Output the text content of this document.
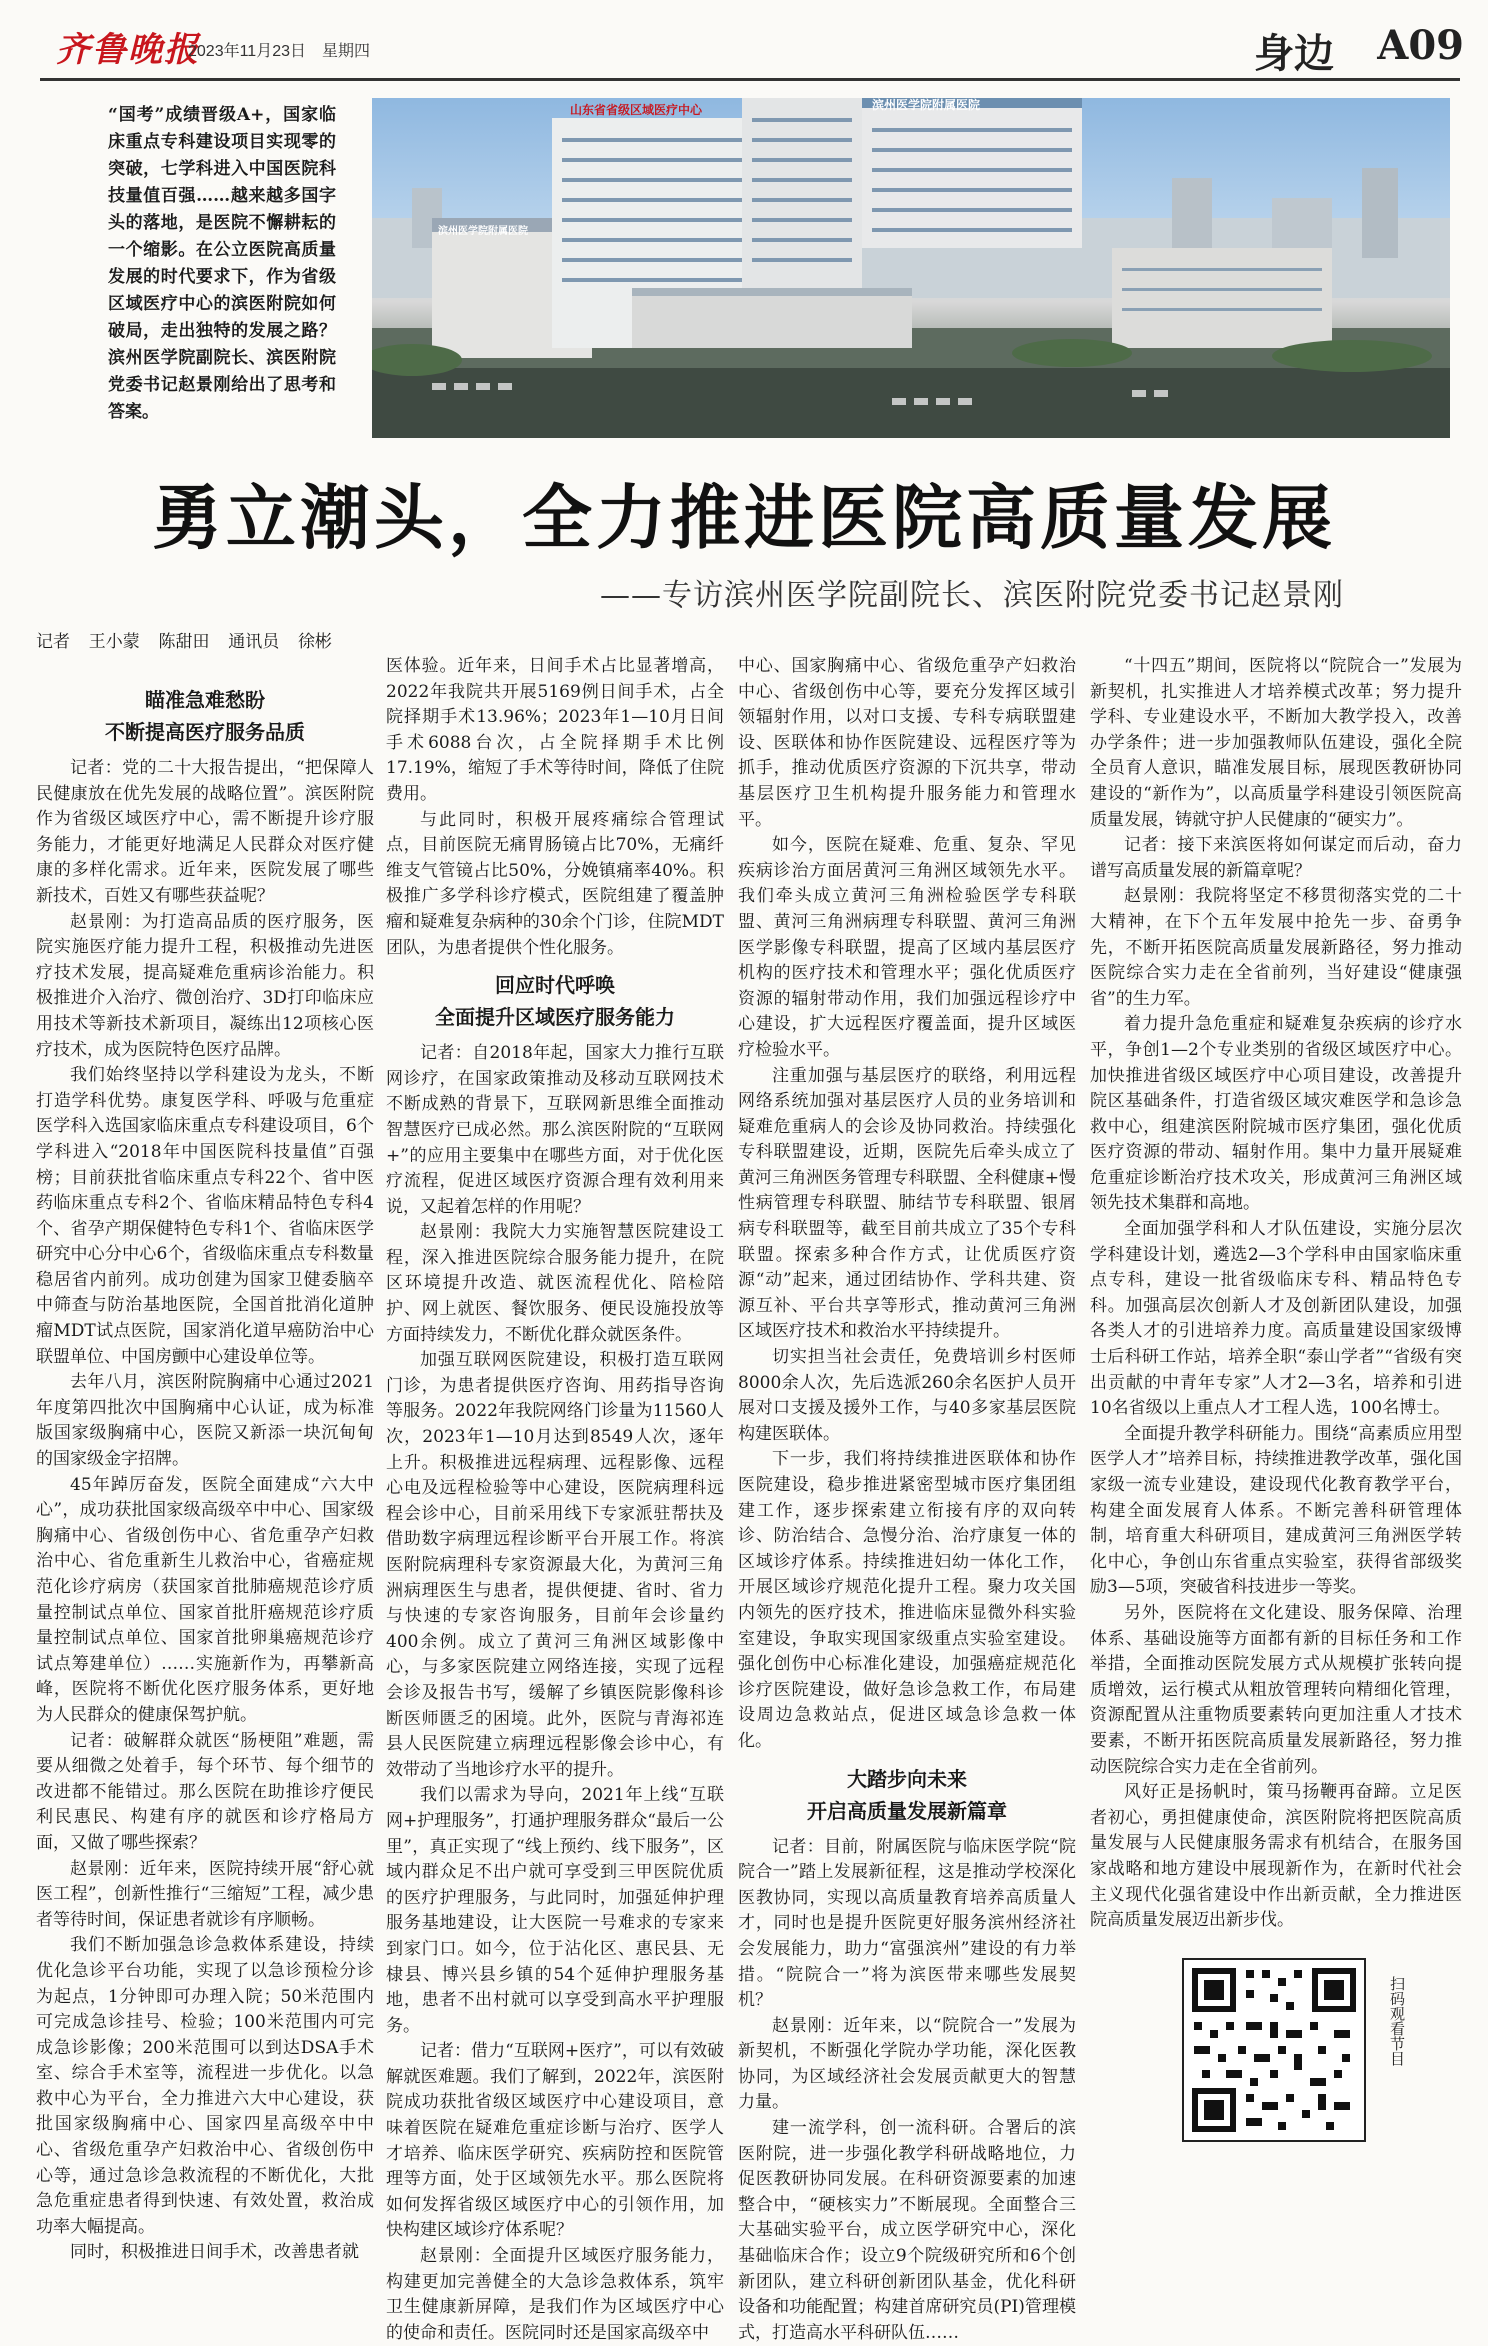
齐鲁晚报
2023年11月23日　星期四	身边 A09
“国考”成绩晋级A+，国家临床重点专科建设项目实现零的突破，七学科进入中国医院科技量值百强……越来越多国字头的落地，是医院不懈耕耘的一个缩影。在公立医院高质量发展的时代要求下，作为省级区域医疗中心的滨医附院如何破局，走出独特的发展之路？滨州医学院副院长、滨医附院党委书记赵景刚给出了思考和答案。
山东省省级区域医疗中心	滨州医学院附属医院
滨州医学院附属医院
勇立潮头，全力推进医院高质量发展
——专访滨州医学院副院长、滨医附院党委书记赵景刚
记者 王小蒙 陈甜田 通讯员 徐彬
瞄准急难愁盼
不断提高医疗服务品质

记者：党的二十大报告提出，“把保障人民健康放在优先发展的战略位置”。滨医附院作为省级区域医疗中心，需不断提升诊疗服务能力，才能更好地满足人民群众对医疗健康的多样化需求。近年来，医院发展了哪些新技术，百姓又有哪些获益呢？

赵景刚：为打造高品质的医疗服务，医院实施医疗能力提升工程，积极推动先进医疗技术发展，提高疑难危重病诊治能力。积极推进介入治疗、微创治疗、3D打印临床应用技术等新技术新项目，凝练出12项核心医疗技术，成为医院特色医疗品牌。

我们始终坚持以学科建设为龙头，不断打造学科优势。康复医学科、呼吸与危重症医学科入选国家临床重点专科建设项目，6个学科进入“2018年中国医院科技量值”百强榜；目前获批省临床重点专科22个、省中医药临床重点专科2个、省临床精品特色专科4个、省孕产期保健特色专科1个、省临床医学研究中心分中心6个，省级临床重点专科数量稳居省内前列。成功创建为国家卫健委脑卒中筛查与防治基地医院，全国首批消化道肿瘤MDT试点医院，国家消化道早癌防治中心联盟单位、中国房颤中心建设单位等。

去年八月，滨医附院胸痛中心通过2021年度第四批次中国胸痛中心认证，成为标准版国家级胸痛中心，医院又新添一块沉甸甸的国家级金字招牌。

45年踔厉奋发，医院全面建成“六大中心”，成功获批国家级高级卒中中心、国家级胸痛中心、省级创伤中心、省危重孕产妇救治中心、省危重新生儿救治中心，省癌症规范化诊疗病房（获国家首批肺癌规范诊疗质量控制试点单位、国家首批肝癌规范诊疗质量控制试点单位、国家首批卵巢癌规范诊疗试点筹建单位）……实施新作为，再攀新高峰，医院将不断优化医疗服务体系，更好地为人民群众的健康保驾护航。

记者：破解群众就医“肠梗阻”难题，需要从细微之处着手，每个环节、每个细节的改进都不能错过。那么医院在助推诊疗便民利民惠民、构建有序的就医和诊疗格局方面，又做了哪些探索？

赵景刚：近年来，医院持续开展“舒心就医工程”，创新性推行“三缩短”工程，减少患者等待时间，保证患者就诊有序顺畅。

我们不断加强急诊急救体系建设，持续优化急诊平台功能，实现了以急诊预检分诊为起点，1分钟即可办理入院；50米范围内可完成急诊挂号、检验；100米范围内可完成急诊影像；200米范围可以到达DSA手术室、综合手术室等，流程进一步优化。以急救中心为平台，全力推进六大中心建设，获批国家级胸痛中心、国家四星高级卒中中心、省级危重孕产妇救治中心、省级创伤中心等，通过急诊急救流程的不断优化，大批急危重症患者得到快速、有效处置，救治成功率大幅提高。

同时，积极推进日间手术，改善患者就

医体验。近年来，日间手术占比显著增高，2022年我院共开展5169例日间手术，占全院择期手术13.96%；2023年1—10月日间手术6088台次，占全院择期手术比例17.19%，缩短了手术等待时间，降低了住院费用。

与此同时，积极开展疼痛综合管理试点，目前医院无痛胃肠镜占比70%，无痛纤维支气管镜占比50%，分娩镇痛率40%。积极推广多学科诊疗模式，医院组建了覆盖肿瘤和疑难复杂病种的30余个门诊，住院MDT团队，为患者提供个性化服务。

回应时代呼唤
全面提升区域医疗服务能力

记者：自2018年起，国家大力推行互联网诊疗，在国家政策推动及移动互联网技术不断成熟的背景下，互联网新思维全面推动智慧医疗已成必然。那么滨医附院的“互联网+”的应用主要集中在哪些方面，对于优化医疗流程，促进区域医疗资源合理有效利用来说，又起着怎样的作用呢？

赵景刚：我院大力实施智慧医院建设工程，深入推进医院综合服务能力提升，在院区环境提升改造、就医流程优化、陪检陪护、网上就医、餐饮服务、便民设施投放等方面持续发力，不断优化群众就医条件。

加强互联网医院建设，积极打造互联网门诊，为患者提供医疗咨询、用药指导咨询等服务。2022年我院网络门诊量为11560人次，2023年1—10月达到8549人次，逐年上升。积极推进远程病理、远程影像、远程心电及远程检验等中心建设，医院病理科远程会诊中心，目前采用线下专家派驻帮扶及借助数字病理远程诊断平台开展工作。将滨医附院病理科专家资源最大化，为黄河三角洲病理医生与患者，提供便捷、省时、省力与快速的专家咨询服务，目前年会诊量约400余例。成立了黄河三角洲区域影像中心，与多家医院建立网络连接，实现了远程会诊及报告书写，缓解了乡镇医院影像科诊断医师匮乏的困境。此外，医院与青海祁连县人民医院建立病理远程影像会诊中心，有效带动了当地诊疗水平的提升。

我们以需求为导向，2021年上线“互联网+护理服务”，打通护理服务群众“最后一公里”，真正实现了“线上预约、线下服务”，区域内群众足不出户就可享受到三甲医院优质的医疗护理服务，与此同时，加强延伸护理服务基地建设，让大医院一号难求的专家来到家门口。如今，位于沾化区、惠民县、无棣县、博兴县乡镇的54个延伸护理服务基地，患者不出村就可以享受到高水平护理服务。

记者：借力“互联网+医疗”，可以有效破解就医难题。我们了解到，2022年，滨医附院成功获批省级区域医疗中心建设项目，意味着医院在疑难危重症诊断与治疗、医学人才培养、临床医学研究、疾病防控和医院管理等方面，处于区域领先水平。那么医院将如何发挥省级区域医疗中心的引领作用，加快构建区域诊疗体系呢？

赵景刚：全面提升区域医疗服务能力，构建更加完善健全的大急诊急救体系，筑牢卫生健康新屏障，是我们作为区域医疗中心的使命和责任。医院同时还是国家高级卒中

中心、国家胸痛中心、省级危重孕产妇救治中心、省级创伤中心等，要充分发挥区域引领辐射作用，以对口支援、专科专病联盟建设、医联体和协作医院建设、远程医疗等为抓手，推动优质医疗资源的下沉共享，带动基层医疗卫生机构提升服务能力和管理水平。

如今，医院在疑难、危重、复杂、罕见疾病诊治方面居黄河三角洲区域领先水平。我们牵头成立黄河三角洲检验医学专科联盟、黄河三角洲病理专科联盟、黄河三角洲医学影像专科联盟，提高了区域内基层医疗机构的医疗技术和管理水平；强化优质医疗资源的辐射带动作用，我们加强远程诊疗中心建设，扩大远程医疗覆盖面，提升区域医疗检验水平。

注重加强与基层医疗的联络，利用远程网络系统加强对基层医疗人员的业务培训和疑难危重病人的会诊及协同救治。持续强化专科联盟建设，近期，医院先后牵头成立了黄河三角洲医务管理专科联盟、全科健康+慢性病管理专科联盟、肺结节专科联盟、银屑病专科联盟等，截至目前共成立了35个专科联盟。探索多种合作方式，让优质医疗资源“动”起来，通过团结协作、学科共建、资源互补、平台共享等形式，推动黄河三角洲区域医疗技术和救治水平持续提升。

切实担当社会责任，免费培训乡村医师8000余人次，先后选派260余名医护人员开展对口支援及援外工作，与40多家基层医院构建医联体。

下一步，我们将持续推进医联体和协作医院建设，稳步推进紧密型城市医疗集团组建工作，逐步探索建立衔接有序的双向转诊、防治结合、急慢分治、治疗康复一体的区域诊疗体系。持续推进妇幼一体化工作，开展区域诊疗规范化提升工程。聚力攻关国内领先的医疗技术，推进临床显微外科实验室建设，争取实现国家级重点实验室建设。强化创伤中心标准化建设，加强癌症规范化诊疗医院建设，做好急诊急救工作，布局建设周边急救站点，促进区域急诊急救一体化。

大踏步向未来
开启高质量发展新篇章

记者：目前，附属医院与临床医学院“院院合一”踏上发展新征程，这是推动学校深化医教协同，实现以高质量教育培养高质量人才，同时也是提升医院更好服务滨州经济社会发展能力，助力“富强滨州”建设的有力举措。“院院合一”将为滨医带来哪些发展契机？

赵景刚：近年来，以“院院合一”发展为新契机，不断强化学院办学功能，深化医教协同，为区域经济社会发展贡献更大的智慧力量。

建一流学科，创一流科研。合署后的滨医附院，进一步强化教学科研战略地位，力促医教研协同发展。在科研资源要素的加速整合中，“硬核实力”不断展现。全面整合三大基础实验平台，成立医学研究中心，深化基础临床合作；设立9个院级研究所和6个创新团队，建立科研创新团队基金，优化科研设备和功能配置；构建首席研究员(PI)管理模式，打造高水平科研队伍……

“十四五”期间，医院将以“院院合一”发展为新契机，扎实推进人才培养模式改革；努力提升学科、专业建设水平，不断加大教学投入，改善办学条件；进一步加强教师队伍建设，强化全院全员育人意识，瞄准发展目标，展现医教研协同建设的“新作为”，以高质量学科建设引领医院高质量发展，铸就守护人民健康的“硬实力”。

记者：接下来滨医将如何谋定而后动，奋力谱写高质量发展的新篇章呢？

赵景刚：我院将坚定不移贯彻落实党的二十大精神，在下个五年发展中抢先一步、奋勇争先，不断开拓医院高质量发展新路径，努力推动医院综合实力走在全省前列，当好建设“健康强省”的生力军。

着力提升急危重症和疑难复杂疾病的诊疗水平，争创1—2个专业类别的省级区域医疗中心。加快推进省级区域医疗中心项目建设，改善提升院区基础条件，打造省级区域灾难医学和急诊急救中心，组建滨医附院城市医疗集团，强化优质医疗资源的带动、辐射作用。集中力量开展疑难危重症诊断治疗技术攻关，形成黄河三角洲区域领先技术集群和高地。

全面加强学科和人才队伍建设，实施分层次学科建设计划，遴选2—3个学科申由国家临床重点专科，建设一批省级临床专科、精品特色专科。加强高层次创新人才及创新团队建设，加强各类人才的引进培养力度。高质量建设国家级博士后科研工作站，培养全职“泰山学者”“省级有突出贡献的中青年专家”人才2—3名，培养和引进10名省级以上重点人才工程人选，100名博士。

全面提升教学科研能力。围绕“高素质应用型医学人才”培养目标，持续推进教学改革，强化国家级一流专业建设，建设现代化教育教学平台，构建全面发展育人体系。不断完善科研管理体制，培育重大科研项目，建成黄河三角洲医学转化中心，争创山东省重点实验室，获得省部级奖励3—5项，突破省科技进步一等奖。

另外，医院将在文化建设、服务保障、治理体系、基础设施等方面都有新的目标任务和工作举措，全面推动医院发展方式从规模扩张转向提质增效，运行模式从粗放管理转向精细化管理，资源配置从注重物质要素转向更加注重人才技术要素，不断开拓医院高质量发展新路径，努力推动医院综合实力走在全省前列。

风好正是扬帆时，策马扬鞭再奋蹄。立足医者初心，勇担健康使命，滨医附院将把医院高质量发展与人民健康服务需求有机结合，在服务国家战略和地方建设中展现新作为，在新时代社会主义现代化强省建设中作出新贡献，全力推进医院高质量发展迈出新步伐。

扫码观看节目
